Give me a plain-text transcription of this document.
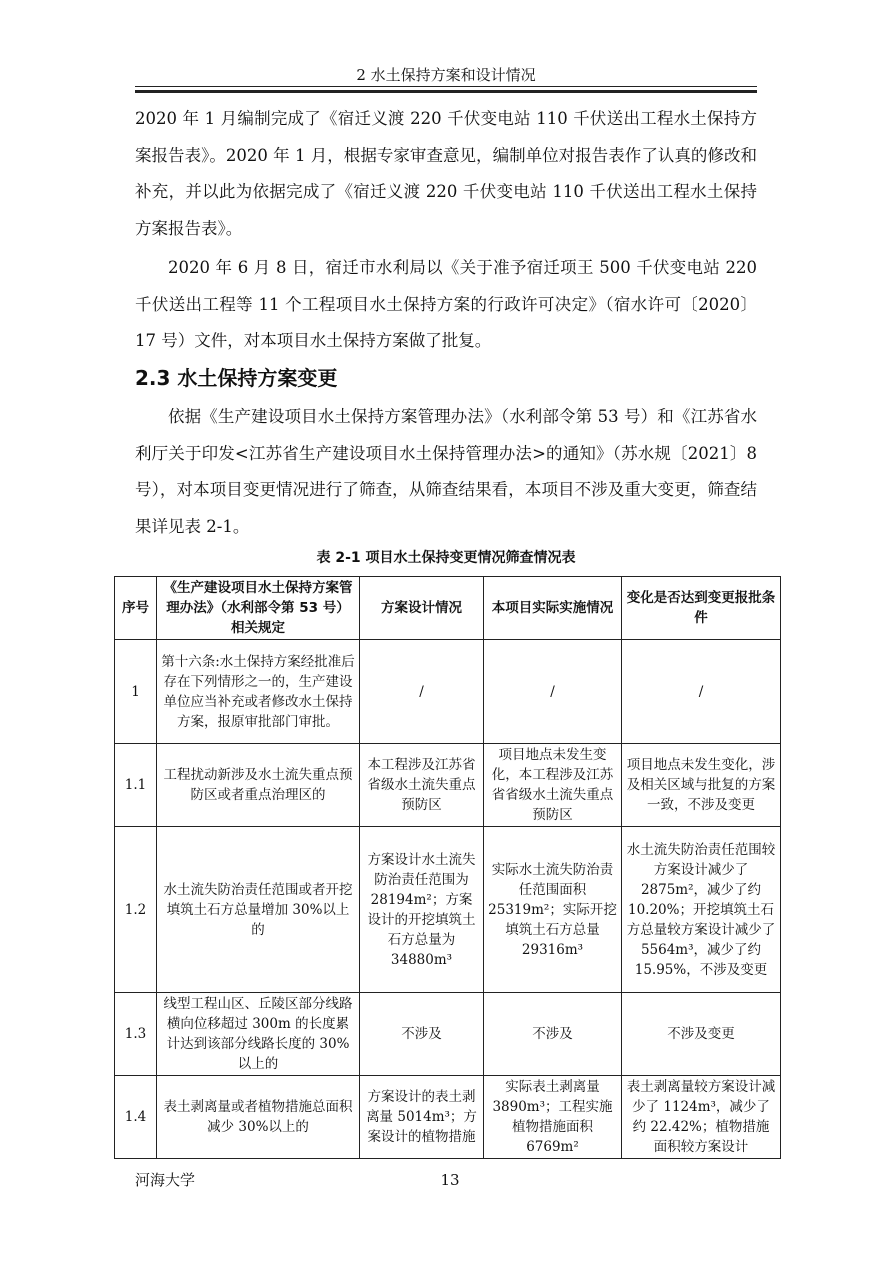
2 水土保持方案和设计情况

2020 年 1 月编制完成了《宿迁义渡 220 千伏变电站 110 千伏送出工程水土保持方案报告表》。2020 年 1 月，根据专家审查意见，编制单位对报告表作了认真的修改和补充，并以此为依据完成了《宿迁义渡 220 千伏变电站 110 千伏送出工程水土保持方案报告表》。

2020 年 6 月 8 日，宿迁市水利局以《关于准予宿迁项王 500 千伏变电站 220 千伏送出工程等 11 个工程项目水土保持方案的行政许可决定》（宿水许可〔2020〕17 号）文件，对本项目水土保持方案做了批复。

2.3 水土保持方案变更

依据《生产建设项目水土保持方案管理办法》（水利部令第 53 号）和《江苏省水利厅关于印发<江苏省生产建设项目水土保持管理办法>的通知》（苏水规〔2021〕8 号），对本项目变更情况进行了筛查，从筛查结果看，本项目不涉及重大变更，筛查结果详见表 2-1。

表 2-1 项目水土保持变更情况筛查情况表
序号	《生产建设项目水土保持方案管理办法》（水利部令第 53 号）相关规定	方案设计情况	本项目实际实施情况	变化是否达到变更报批条件
1	第十六条:水土保持方案经批准后存在下列情形之一的，生产建设单位应当补充或者修改水土保持方案，报原审批部门审批。	/	/	/
1.1	工程扰动新涉及水土流失重点预防区或者重点治理区的	本工程涉及江苏省省级水土流失重点预防区	项目地点未发生变化，本工程涉及江苏省省级水土流失重点预防区	项目地点未发生变化，涉及相关区域与批复的方案一致，不涉及变更
1.2	水土流失防治责任范围或者开挖填筑土石方总量增加 30%以上的	方案设计水土流失防治责任范围为 28194m²；方案设计的开挖填筑土石方总量为 34880m³	实际水土流失防治责任范围面积 25319m²；实际开挖填筑土石方总量 29316m³	水土流失防治责任范围较方案设计减少了 2875m²，减少了约 10.20%；开挖填筑土石方总量较方案设计减少了 5564m³，减少了约 15.95%，不涉及变更
1.3	线型工程山区、丘陵区部分线路横向位移超过 300m 的长度累计达到该部分线路长度的 30%以上的	不涉及	不涉及	不涉及变更
1.4	表土剥离量或者植物措施总面积减少 30%以上的	方案设计的表土剥离量 5014m³；方案设计的植物措施	实际表土剥离量 3890m³；工程实施植物措施面积 6769m²	表土剥离量较方案设计减少了 1124m³，减少了约 22.42%；植物措施面积较方案设计
河海大学	13
